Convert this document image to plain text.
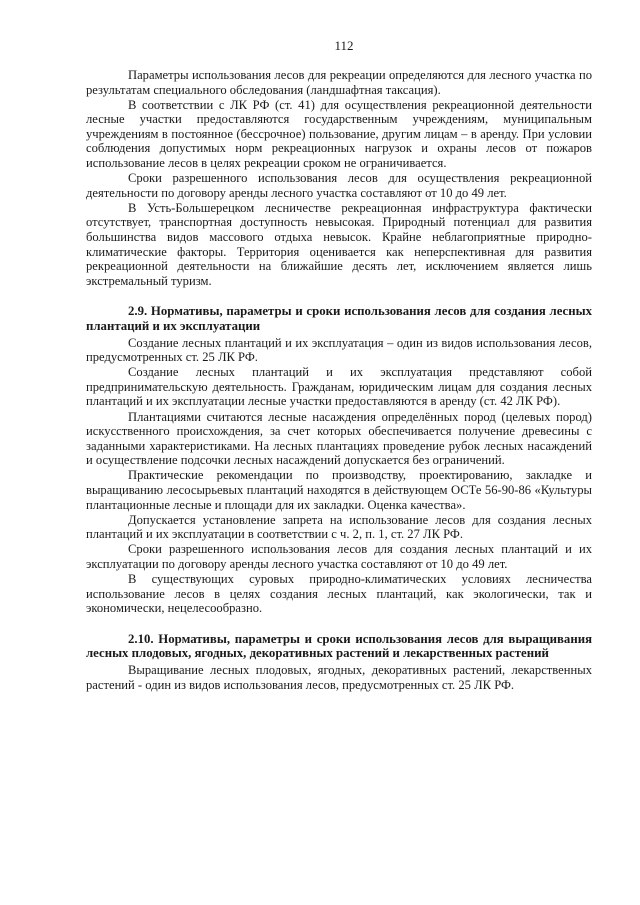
112

Параметры использования лесов для рекреации определяются для лесного участка по результатам специального обследования (ландшафтная таксация).

В соответствии с ЛК РФ (ст. 41) для осуществления рекреационной деятельности лесные участки предоставляются государственным учреждениям, муниципальным учреждениям в постоянное (бессрочное) пользование, другим лицам – в аренду. При условии соблюдения допустимых норм рекреационных нагрузок и охраны лесов от пожаров использование лесов в целях рекреации сроком не ограничивается.

Сроки разрешенного использования лесов для осуществления рекреационной деятельности по договору аренды лесного участка составляют от 10 до 49 лет.

В Усть-Большерецком лесничестве рекреационная инфраструктура фактически отсутствует, транспортная доступность невысокая. Природный потенциал для развития большинства видов массового отдыха невысок. Крайне неблагоприятные природно-климатические факторы. Территория оценивается как неперспективная для развития рекреационной деятельности на ближайшие десять лет, исключением является лишь экстремальный туризм.

2.9. Нормативы, параметры и сроки использования лесов для создания лесных плантаций и их эксплуатации

Создание лесных плантаций и их эксплуатация – один из видов использования лесов, предусмотренных ст. 25 ЛК РФ.

Создание лесных плантаций и их эксплуатация представляют собой предпринимательскую деятельность. Гражданам, юридическим лицам для создания лесных плантаций и их эксплуатации лесные участки предоставляются в аренду (ст. 42 ЛК РФ).

Плантациями считаются лесные насаждения определённых пород (целевых пород) искусственного происхождения, за счет которых обеспечивается получение древесины с заданными характеристиками. На лесных плантациях проведение рубок лесных насаждений и осуществление подсочки лесных насаждений допускается без ограничений.

Практические рекомендации по производству, проектированию, закладке и выращиванию лесосырьевых плантаций находятся в действующем ОСТе 56-90-86 «Культуры плантационные лесные и площади для их закладки. Оценка качества».

Допускается установление запрета на использование лесов для создания лесных плантаций и их эксплуатации в соответствии с ч. 2, п. 1, ст. 27 ЛК РФ.

Сроки разрешенного использования лесов для создания лесных плантаций и их эксплуатации по договору аренды лесного участка составляют от 10 до 49 лет.

В существующих суровых природно-климатических условиях лесничества использование лесов в целях создания лесных плантаций, как экологически, так и экономически, нецелесообразно.

2.10. Нормативы, параметры и сроки использования лесов для выращивания лесных плодовых, ягодных, декоративных растений и лекарственных растений

Выращивание лесных плодовых, ягодных, декоративных растений, лекарственных растений - один из видов использования лесов, предусмотренных ст. 25 ЛК РФ.
